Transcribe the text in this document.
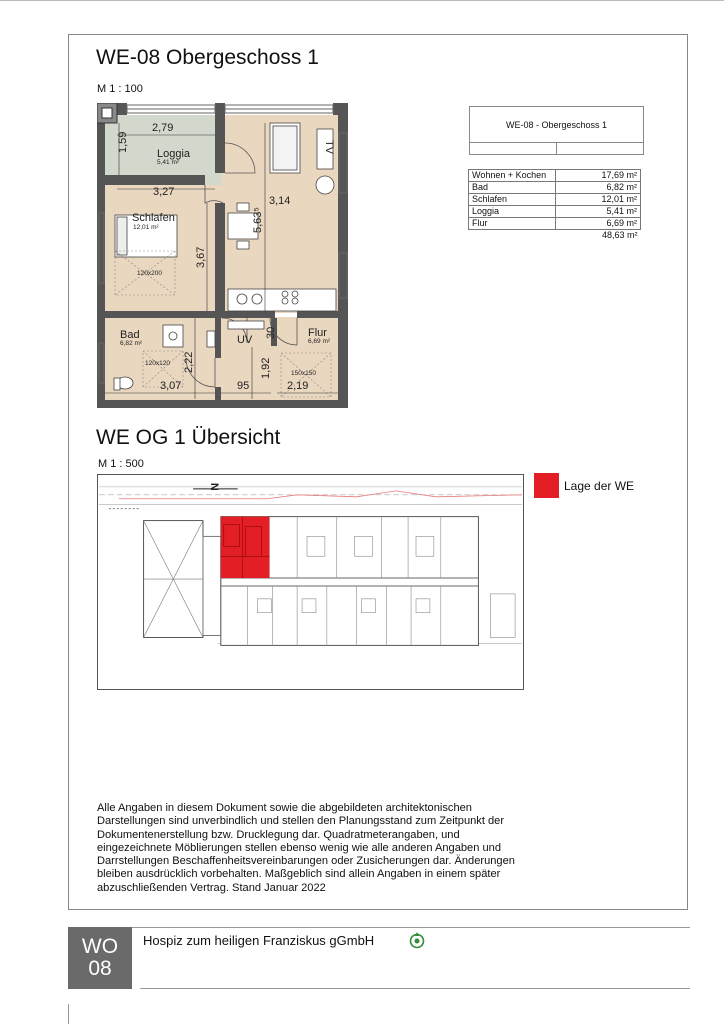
WE-08 Obergeschoss 1
M 1 : 100
2,79
3,27
3,14
3,07	95	2,19
1,59
5,63⁵
3,67
2,22	1,92
30
Loggia
Schlafen
Bad	Flur
UV
TV
5,41 m²
12,01 m²
6,82 m²	6,69 m²
120x200
120x120
150x150
WE-08 - Obergeschoss 1
Wohnen + Kochen	17,69 m²
Bad	6,82 m²
Schlafen	12,01 m²
Loggia	5,41 m²
Flur	6,69 m²
	48,63 m²
WE OG 1 Übersicht
M 1 : 500
N	Lage der WE
Alle Angaben in diesem Dokument sowie die abgebildeten architektonischen Darstellungen sind unverbindlich und stellen den Planungsstand zum Zeitpunkt der Dokumentenerstellung bzw. Drucklegung dar. Quadratmeterangaben, und eingezeichnete Möblierungen stellen ebenso wenig wie alle anderen Angaben und Darrstellungen Beschaffenheitsvereinbarungen oder Zusicherungen dar. Änderungen bleiben ausdrücklich vorbehalten. Maßgeblich sind allein Angaben in einem später abzuschließenden Vertrag. Stand Januar 2022
WO
08
Hospiz zum heiligen Franziskus gGmbH
